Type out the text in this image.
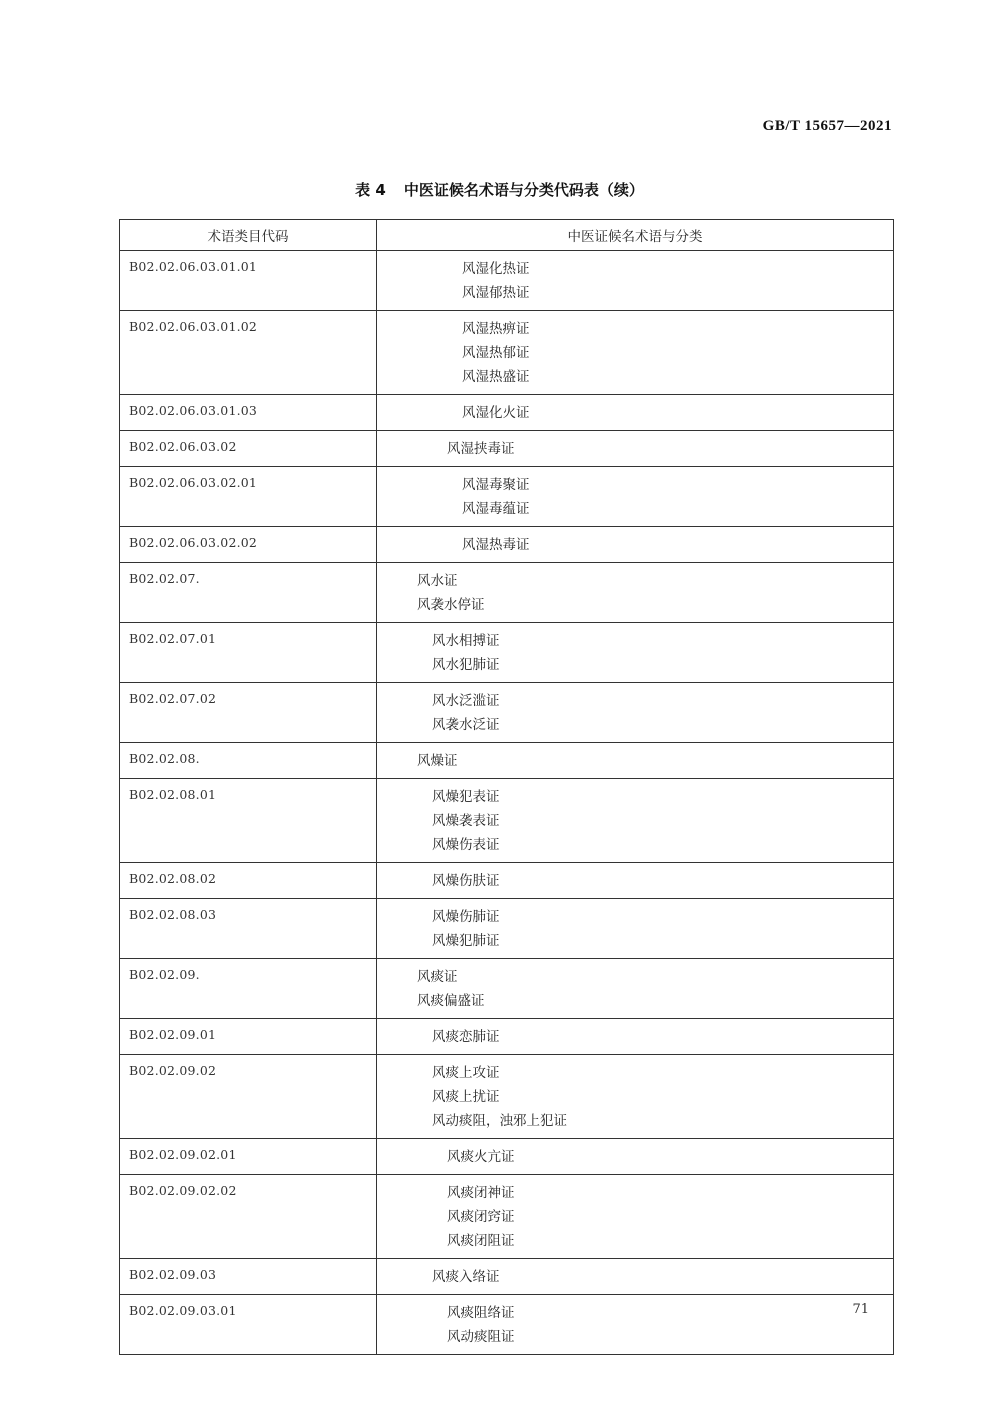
GB/T 15657—2021
表 4 中医证候名术语与分类代码表（续）
术语类目代码	中医证候名术语与分类

B02.02.06.03.01.01	风湿化热证
风湿郁热证

B02.02.06.03.01.02	风湿热痹证
风湿热郁证
风湿热盛证

B02.02.06.03.01.03	风湿化火证

B02.02.06.03.02	风湿挟毒证

B02.02.06.03.02.01	风湿毒聚证
风湿毒蕴证

B02.02.06.03.02.02	风湿热毒证

B02.02.07.	风水证
风袭水停证

B02.02.07.01	风水相搏证
风水犯肺证

B02.02.07.02	风水泛滥证
风袭水泛证

B02.02.08.	风燥证

B02.02.08.01	风燥犯表证
风燥袭表证
风燥伤表证

B02.02.08.02	风燥伤肤证

B02.02.08.03	风燥伤肺证
风燥犯肺证

B02.02.09.	风痰证
风痰偏盛证

B02.02.09.01	风痰恋肺证

B02.02.09.02	风痰上攻证
风痰上扰证
风动痰阻，浊邪上犯证

B02.02.09.02.01	风痰火亢证

B02.02.09.02.02	风痰闭神证
风痰闭窍证
风痰闭阻证

B02.02.09.03	风痰入络证

B02.02.09.03.01	风痰阻络证
风动痰阻证
71
